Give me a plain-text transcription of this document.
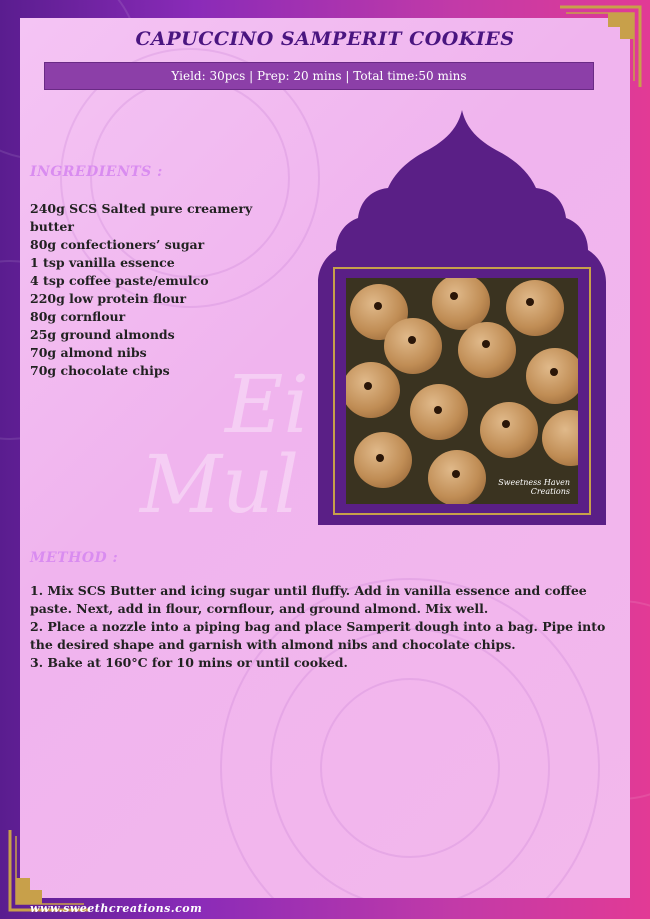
Ei
Mul
CAPUCCINO SAMPERIT COOKIES
Yield: 30pcs | Prep: 20 mins | Total time:50 mins
INGREDIENTS :
240g SCS Salted pure creamery
butter
80g confectioners’ sugar
1 tsp vanilla essence
4 tsp coffee paste/emulco
220g low protein flour
80g cornflour
25g ground almonds
70g almond nibs
70g chocolate chips
Sweetness Haven
Creations
METHOD :

1. Mix SCS Butter and icing sugar until fluffy. Add in vanilla essence and coffee paste. Next, add in flour, cornflour, and ground almond. Mix well.

2. Place a nozzle into a piping bag and place Samperit dough into a bag. Pipe into the desired shape and garnish with almond nibs and chocolate chips.

3. Bake at 160°C for 10 mins or until cooked.

www.sweethcreations.com
